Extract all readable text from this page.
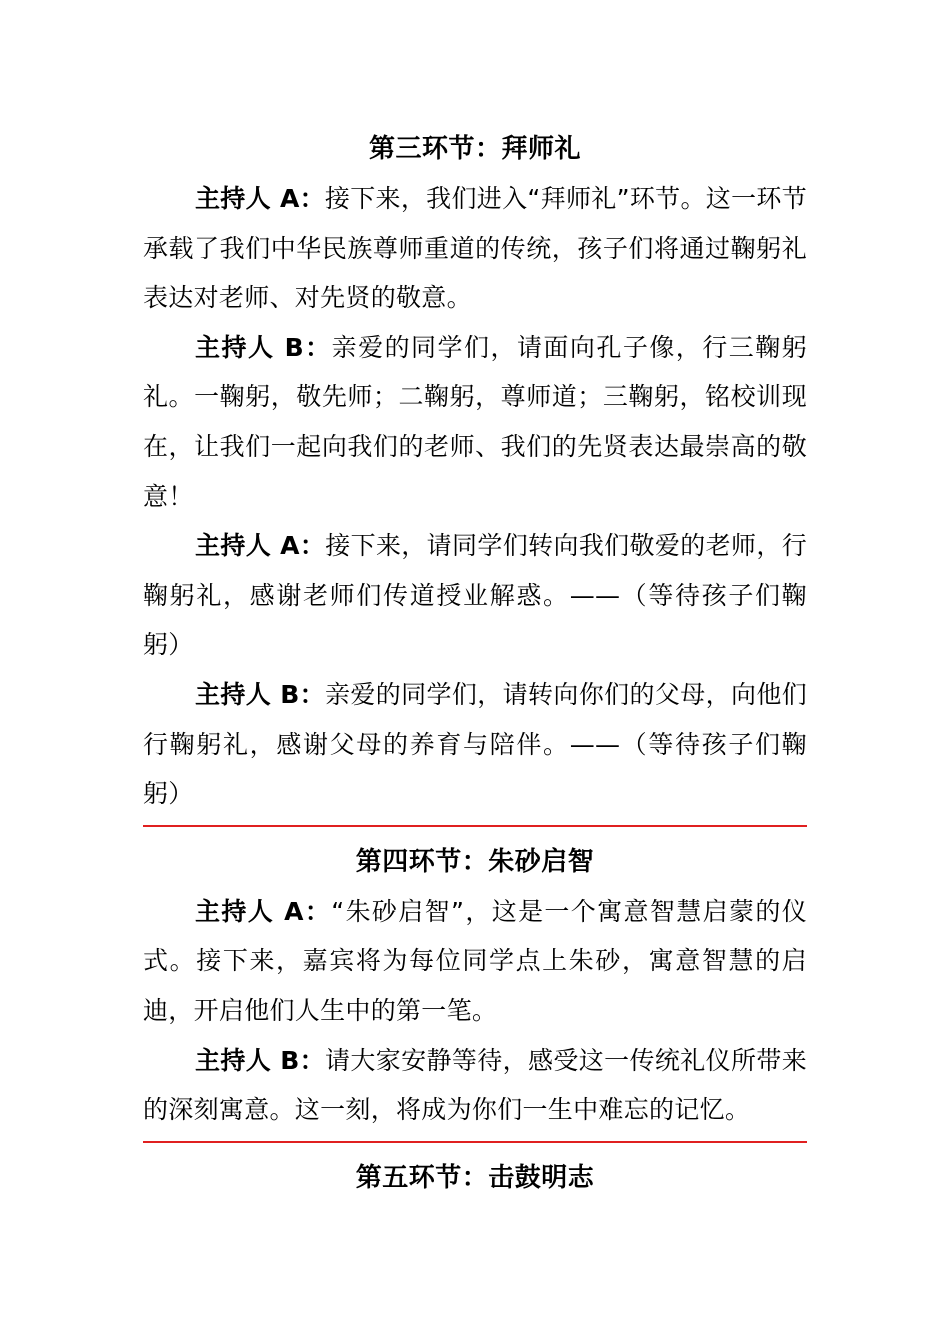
第三环节：拜师礼

主持人 A：接下来，我们进入“拜师礼”环节。这一环节承载了我们中华民族尊师重道的传统，孩子们将通过鞠躬礼表达对老师、对先贤的敬意。

主持人 B：亲爱的同学们，请面向孔子像，行三鞠躬礼。一鞠躬，敬先师；二鞠躬，尊师道；三鞠躬，铭校训现在，让我们一起向我们的老师、我们的先贤表达最崇高的敬意！

主持人 A：接下来，请同学们转向我们敬爱的老师，行鞠躬礼，感谢老师们传道授业解惑。——（等待孩子们鞠躬）

主持人 B：亲爱的同学们，请转向你们的父母，向他们行鞠躬礼，感谢父母的养育与陪伴。——（等待孩子们鞠躬）

第四环节：朱砂启智

主持人 A：“朱砂启智”，这是一个寓意智慧启蒙的仪式。接下来，嘉宾将为每位同学点上朱砂，寓意智慧的启迪，开启他们人生中的第一笔。

主持人 B：请大家安静等待，感受这一传统礼仪所带来的深刻寓意。这一刻，将成为你们一生中难忘的记忆。

第五环节：击鼓明志
